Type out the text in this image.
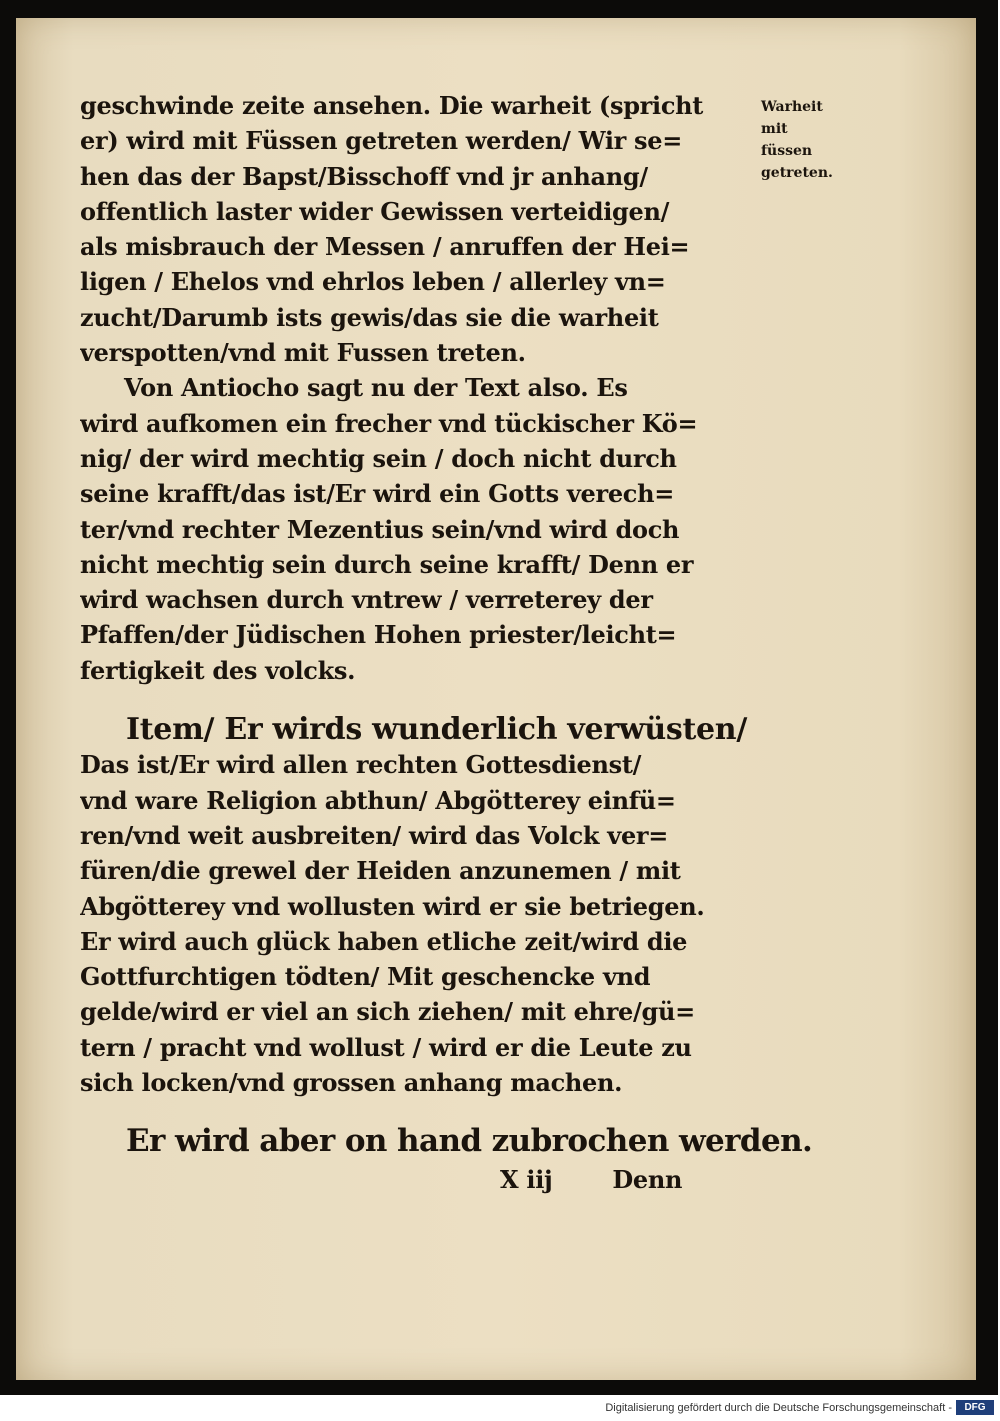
geschwinde zeite ansehen. Die warheit (spricht
er) wird mit Füssen getreten werden/ Wir se=
hen das der Bapst/Bisschoff vnd jr anhang/
offentlich laster wider Gewissen verteidigen/
als misbrauch der Messen / anruffen der Hei=
ligen / Ehelos vnd ehrlos leben / allerley vn=
zucht/Darumb ists gewis/das sie die warheit
verspotten/vnd mit Fussen treten.

Von Antiocho sagt nu der Text also. Es
wird aufkomen ein frecher vnd tückischer Kö=
nig/ der wird mechtig sein / doch nicht durch
seine krafft/das ist/Er wird ein Gotts verech=
ter/vnd rechter Mezentius sein/vnd wird doch
nicht mechtig sein durch seine krafft/ Denn er
wird wachsen durch vntrew / verreterey der
Pfaffen/der Jüdischen Hohen priester/leicht=
fertigkeit des volcks.

Item/ Er wirds wunderlich verwüsten/
Das ist/Er wird allen rechten Gottesdienst/
vnd ware Religion abthun/ Abgötterey einfü=
ren/vnd weit ausbreiten/ wird das Volck ver=
füren/die grewel der Heiden anzunemen / mit
Abgötterey vnd wollusten wird er sie betriegen.
Er wird auch glück haben etliche zeit/wird die
Gottfurchtigen tödten/ Mit geschencke vnd
gelde/wird er viel an sich ziehen/ mit ehre/gü=
tern / pracht vnd wollust / wird er die Leute zu
sich locken/vnd grossen anhang machen.

Er wird aber on hand zubrochen werden.
X iij	Denn
Warheit
mit
füssen
getreten.
Digitalisierung gefördert durch die Deutsche Forschungsgemeinschaft -	DFG
